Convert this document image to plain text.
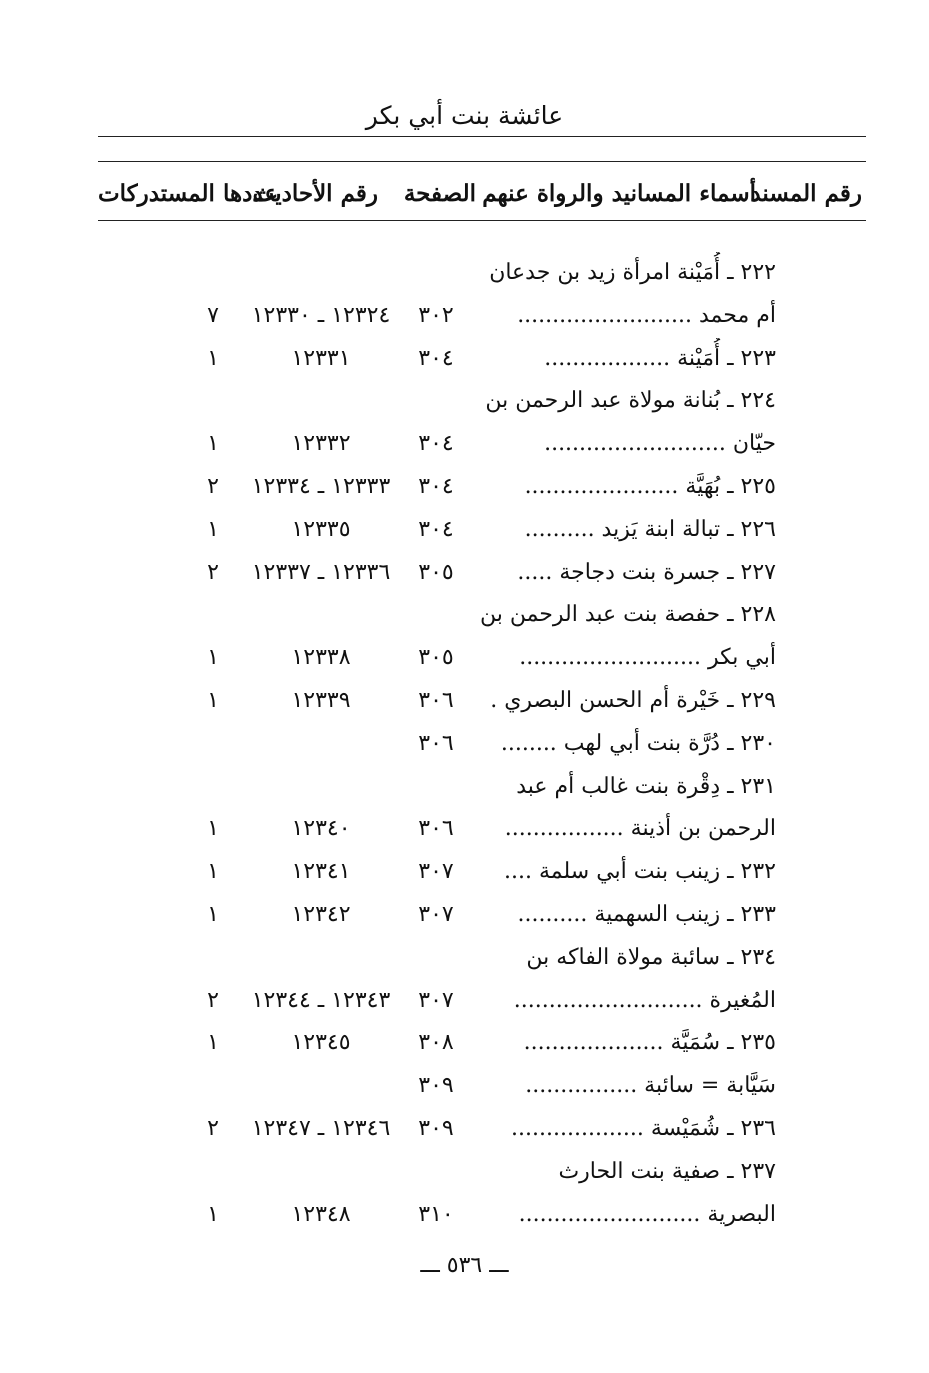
عائشة بنت أبي بكر
رقم المسند
أسماء المسانيد والرواة عنهم
الصفحة
رقم الأحاديث
عددها المستدركات
٢٢٢ ـ أُمَيْنة امرأة زيد بن جدعان
أم محمد .........................
٣٠٢
١٢٣٢٤ ـ ١٢٣٣٠
٧
٢٢٣ ـ أُمَيْنة ..................
٣٠٤
١٢٣٣١
١
٢٢٤ ـ بُنانة مولاة عبد الرحمن بن
حيّان ..........................
٣٠٤
١٢٣٣٢
١
٢٢٥ ـ بُهَيَّة ......................
٣٠٤
١٢٣٣٣ ـ ١٢٣٣٤
٢
٢٢٦ ـ تبالة ابنة يَزيد ..........
٣٠٤
١٢٣٣٥
١
٢٢٧ ـ جسرة بنت دجاجة .....
٣٠٥
١٢٣٣٦ ـ ١٢٣٣٧
٢
٢٢٨ ـ حفصة بنت عبد الرحمن بن
أبي بكر ..........................
٣٠٥
١٢٣٣٨
١
٢٢٩ ـ خَيْرة أم الحسن البصري .
٣٠٦
١٢٣٣٩
١
٢٣٠ ـ دُرَّة بنت أبي لهب ........
٣٠٦
٢٣١ ـ دِقْرة بنت غالب أم عبد
الرحمن بن أذينة .................
٣٠٦
١٢٣٤٠
١
٢٣٢ ـ زينب بنت أبي سلمة ....
٣٠٧
١٢٣٤١
١
٢٣٣ ـ زينب السهمية ..........
٣٠٧
١٢٣٤٢
١
٢٣٤ ـ سائبة مولاة الفاكه بن
المُغيرة ...........................
٣٠٧
١٢٣٤٣ ـ ١٢٣٤٤
٢
٢٣٥ ـ سُمَيَّة ....................
٣٠٨
١٢٣٤٥
١
سَيَّابة = سائبة ................
٣٠٩
٢٣٦ ـ شُمَيْسة ...................
٣٠٩
١٢٣٤٦ ـ ١٢٣٤٧
٢
٢٣٧ ـ صفية بنت الحارث
البصرية ..........................
٣١٠
١٢٣٤٨
١
ـــ ٥٣٦ ـــ
